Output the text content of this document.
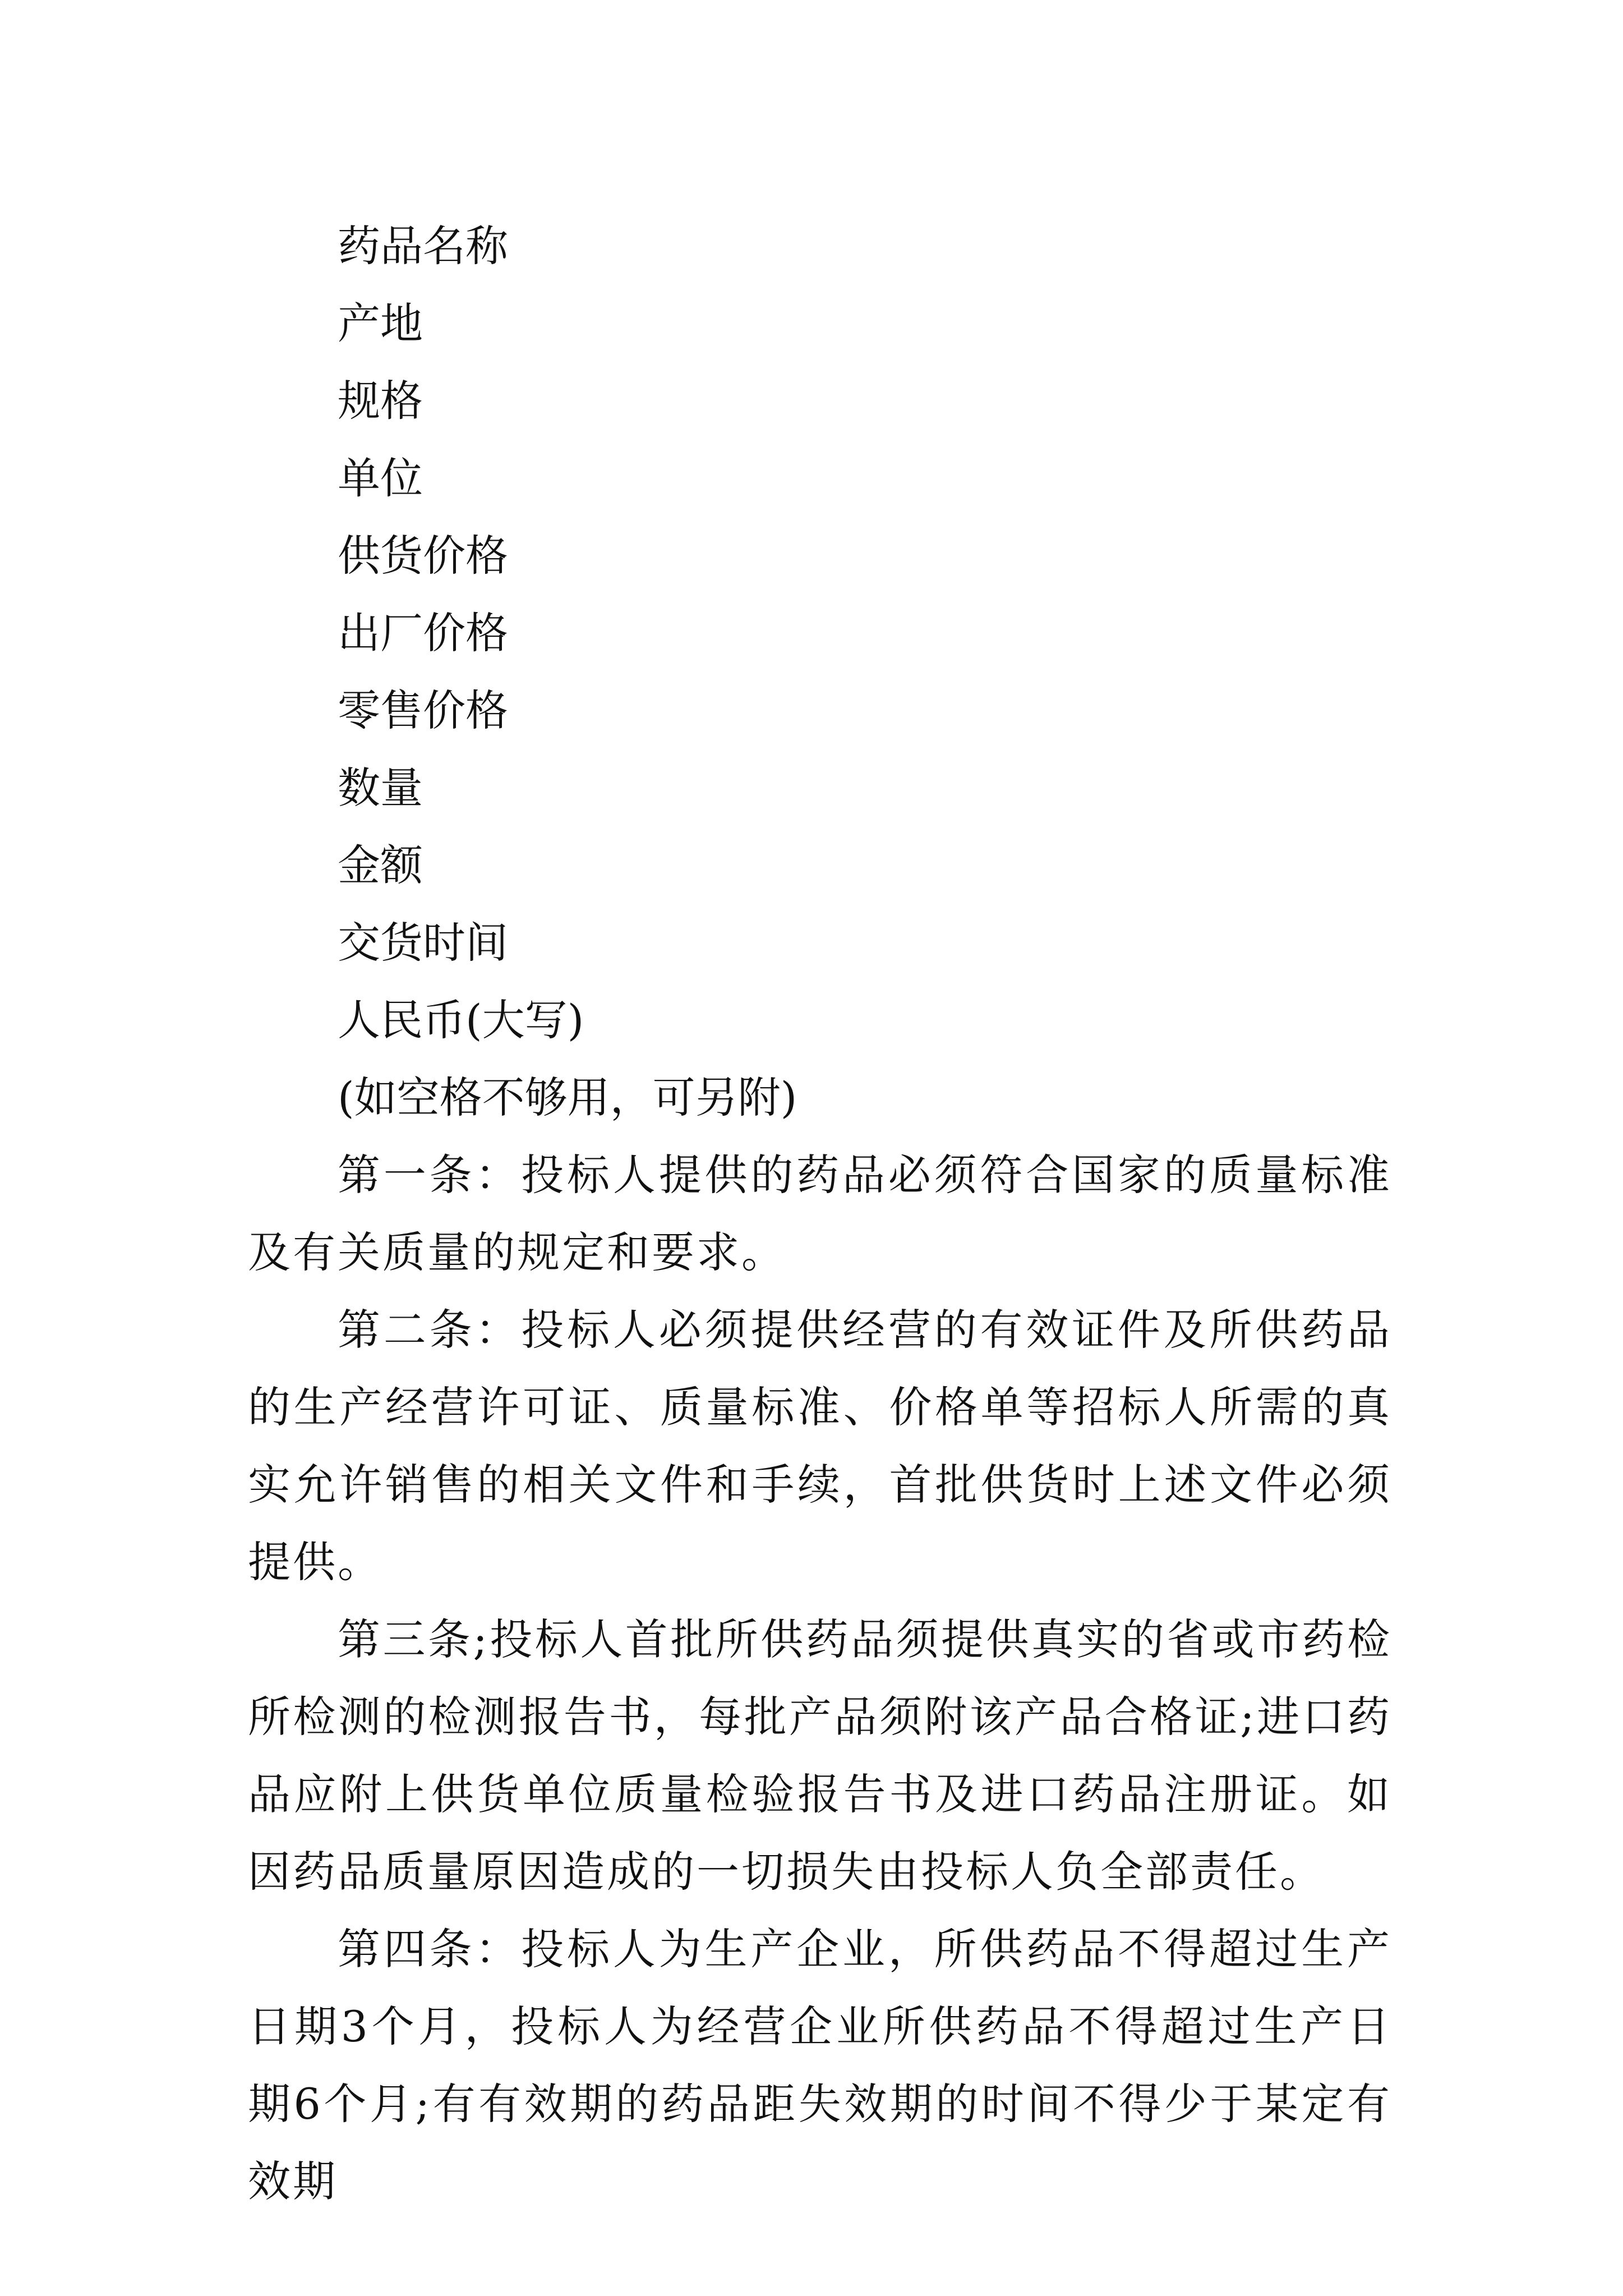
药品名称

产地

规格

单位

供货价格

出厂价格

零售价格

数量

金额

交货时间

人民币(大写)

(如空格不够用，可另附)

第一条：投标人提供的药品必须符合国家的质量标准及有关质量的规定和要求。

第二条：投标人必须提供经营的有效证件及所供药品的生产经营许可证、质量标准、价格单等招标人所需的真实允许销售的相关文件和手续，首批供货时上述文件必须提供。

第三条;投标人首批所供药品须提供真实的省或市药检所检测的检测报告书，每批产品须附该产品合格证;进口药品应附上供货单位质量检验报告书及进口药品注册证。如因药品质量原因造成的一切损失由投标人负全部责任。

第四条：投标人为生产企业，所供药品不得超过生产日期3个月，投标人为经营企业所供药品不得超过生产日期6个月;有有效期的药品距失效期的时间不得少于某定有效期
